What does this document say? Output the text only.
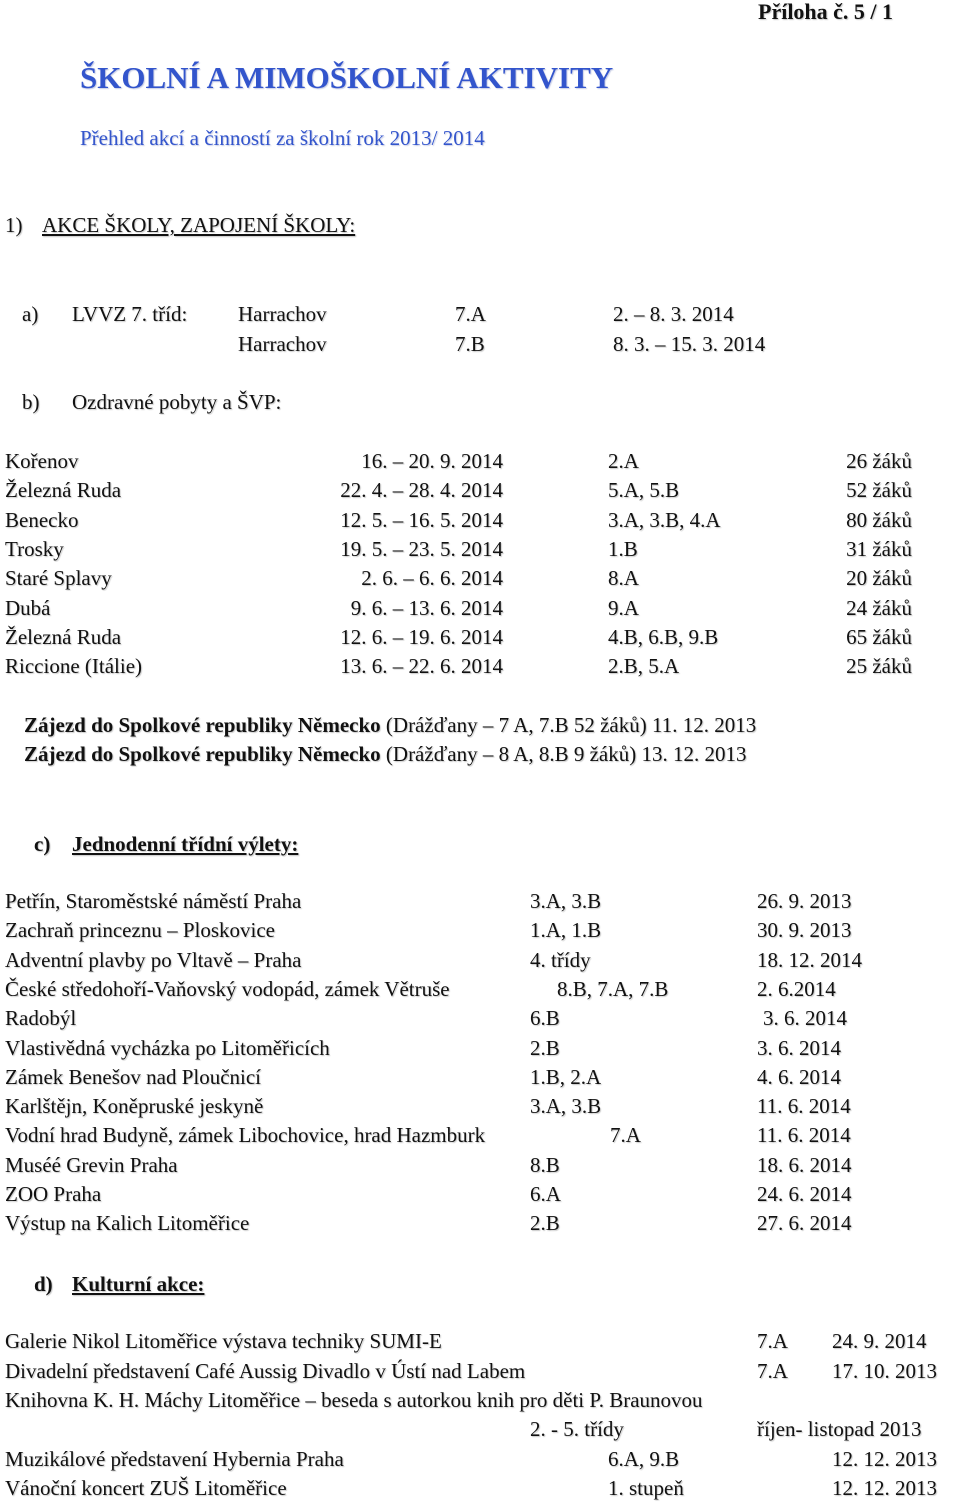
Příloha č. 5 / 1
ŠKOLNÍ A MIMOŠKOLNÍ AKTIVITY
Přehled akcí a činností za školní rok 2013/ 2014
1) AKCE ŠKOLY, ZAPOJENÍ ŠKOLY:
a) LVVZ 7. tříd: Harrachov	7.A	2. – 8. 3. 2014
Harrachov	7.B	8. 3. – 15. 3. 2014
b) Ozdravné pobyty a ŠVP:
Zájezd do Spolkové republiky Německo (Drážďany – 7 A, 7.B 52 žáků) 11. 12. 2013
Zájezd do Spolkové republiky Německo (Drážďany – 8 A, 8.B 9 žáků) 13. 12. 2013
c) Jednodenní třídní výlety:
d) Kulturní akce:
Kořenov	16. – 20. 9. 2014	2.A	26 žáků
Železná Ruda	22. 4. – 28. 4. 2014	5.A, 5.B	52 žáků
Benecko	12. 5. – 16. 5. 2014	3.A, 3.B, 4.A	80 žáků
Trosky	19. 5. – 23. 5. 2014	1.B	31 žáků
Staré Splavy	2. 6. – 6. 6. 2014	8.A	20 žáků
Dubá	9. 6. – 13. 6. 2014	9.A	24 žáků
Železná Ruda	12. 6. – 19. 6. 2014	4.B, 6.B, 9.B	65 žáků
Riccione (Itálie)	13. 6. – 22. 6. 2014	2.B, 5.A	25 žáků
Petřín, Staroměstské náměstí Praha	3.A, 3.B	26. 9. 2013
Zachraň princeznu – Ploskovice	1.A, 1.B	30. 9. 2013
Adventní plavby po Vltavě – Praha	4. třídy	18. 12. 2014
České středohoří-Vaňovský vodopád, zámek Větruše	8.B, 7.A, 7.B	2. 6.2014
Radobýl	6.B	3. 6. 2014
Vlastivědná vycházka po Litoměřicích	2.B	3. 6. 2014
Zámek Benešov nad Ploučnicí	1.B, 2.A	4. 6. 2014
Karlštějn, Koněpruské jeskyně	3.A, 3.B	11. 6. 2014
Vodní hrad Budyně, zámek Libochovice, hrad Hazmburk	7.A	11. 6. 2014
Muséé Grevin Praha	8.B	18. 6. 2014
ZOO Praha	6.A	24. 6. 2014
Výstup na Kalich Litoměřice	2.B	27. 6. 2014
Galerie Nikol Litoměřice výstava techniky SUMI-E	7.A 24. 9. 2014
Divadelní představení Café Aussig Divadlo v Ústí nad Labem	7.A 17. 10. 2013
Knihovna K. H. Máchy Litoměřice – beseda s autorkou knih pro děti P. Braunovou
2. - 5. třídy	říjen- listopad 2013
Muzikálové představení Hybernia Praha	6.A, 9.B	12. 12. 2013
Vánoční koncert ZUŠ Litoměřice	1. stupeň	12. 12. 2013
